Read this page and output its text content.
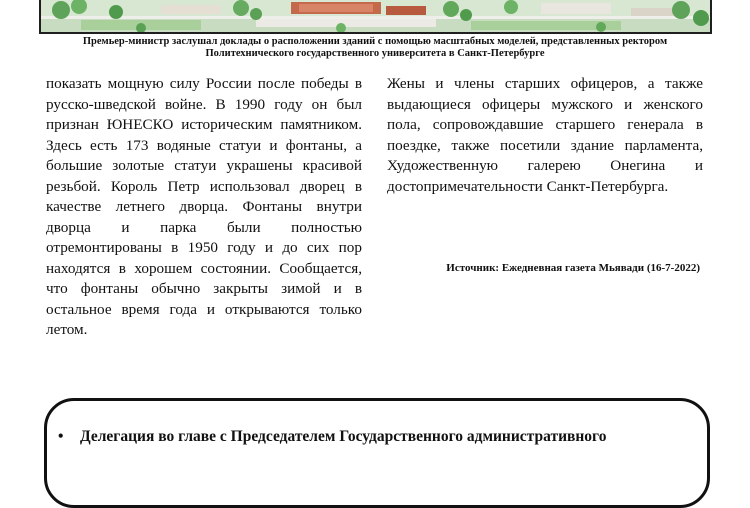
Премьер-министр заслушал доклады о расположении зданий с помощью масштабных моделей, представленных ректором Политехнического государственного университета в Санкт-Петербурге

показать мощную силу России после победы в русско-шведской войне. В 1990 году он был признан ЮНЕСКО историческим памятником. Здесь есть 173 водяные статуи и фонтаны, а большие золотые статуи украшены красивой резьбой. Король Петр использовал дворец в качестве летнего дворца. Фонтаны внутри дворца и парка были полностью отремонтированы в 1950 году и до сих пор находятся в хорошем состоянии. Сообщается, что фонтаны обычно закрыты зимой и в остальное время года и открываются только летом.

Жены и члены старших офицеров, а также выдающиеся офицеры мужского и женского пола, сопровождавшие старшего генерала в поездке, также посетили здание парламента, Художественную галерею Онегина и достопримечательности Санкт-Петербурга.

Источник: Ежедневная газета Мьявади (16-7-2022)
• Делегация во главе с Председателем Государственного административного
